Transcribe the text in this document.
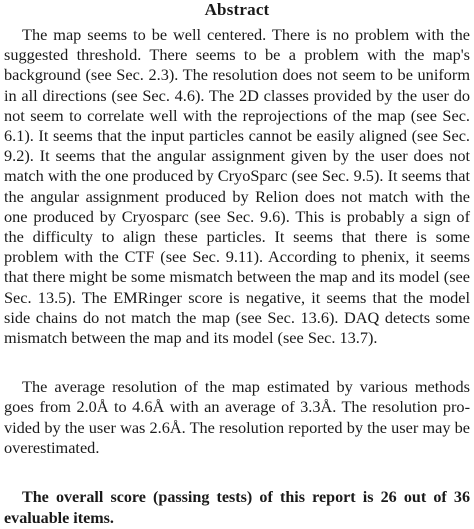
Abstract

The map seems to be well centered. There is no problem with the suggested threshold. There seems to be a problem with the map's background (see Sec. 2.3). The resolution does not seem to be uniform in all directions (see Sec. 4.6). The 2D classes provided by the user do not seem to correlate well with the reprojections of the map (see Sec. 6.1). It seems that the input particles cannot be easily aligned (see Sec. 9.2). It seems that the angular assignment given by the user does not match with the one produced by CryoSparc (see Sec. 9.5). It seems that the angular assignment produced by Relion does not match with the one produced by Cryosparc (see Sec. 9.6). This is probably a sign of the difficulty to align these particles. It seems that there is some problem with the CTF (see Sec. 9.11). According to phenix, it seems that there might be some mismatch between the map and its model (see Sec. 13.5). The EMRinger score is negative, it seems that the model side chains do not match the map (see Sec. 13.6). DAQ detects some mismatch between the map and its model (see Sec. 13.7).

The average resolution of the map estimated by various methods goes from 2.0Å to 4.6Å with an average of 3.3Å. The resolution provided by the user was 2.6Å. The resolution reported by the user may be overestimated.

The overall score (passing tests) of this report is 26 out of 36 evaluable items.
